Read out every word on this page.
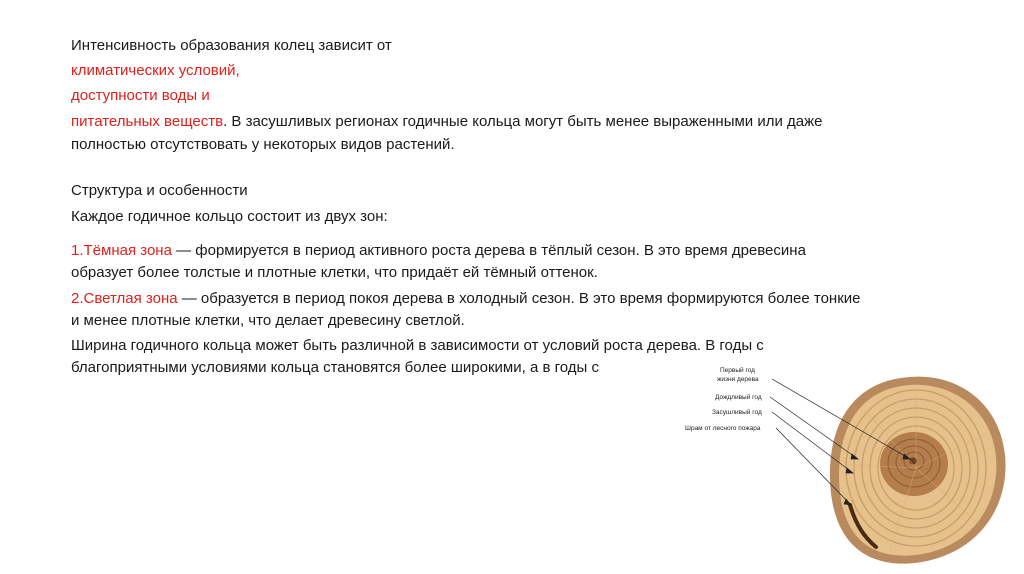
Интенсивность образования колец зависит от
климатических условий,
доступности воды и
питательных веществ. В засушливых регионах годичные кольца могут быть менее выраженными или даже
полностью отсутствовать у некоторых видов растений.
Структура и особенности
Каждое годичное кольцо состоит из двух зон:
1.Тёмная зона — формируется в период активного роста дерева в тёплый сезон. В это время древесина
образует более толстые и плотные клетки, что придаёт ей тёмный оттенок.
2.Светлая зона — образуется в период покоя дерева в холодный сезон. В это время формируются более тонкие
и менее плотные клетки, что делает древесину светлой.
Ширина годичного кольца может быть различной в зависимости от условий роста дерева. В годы с
благоприятными условиями кольца становятся более широкими, а в годы с	Первый год
жизни дерева
Дождливый год
Засушливый год
Шрам от лесного пожара
